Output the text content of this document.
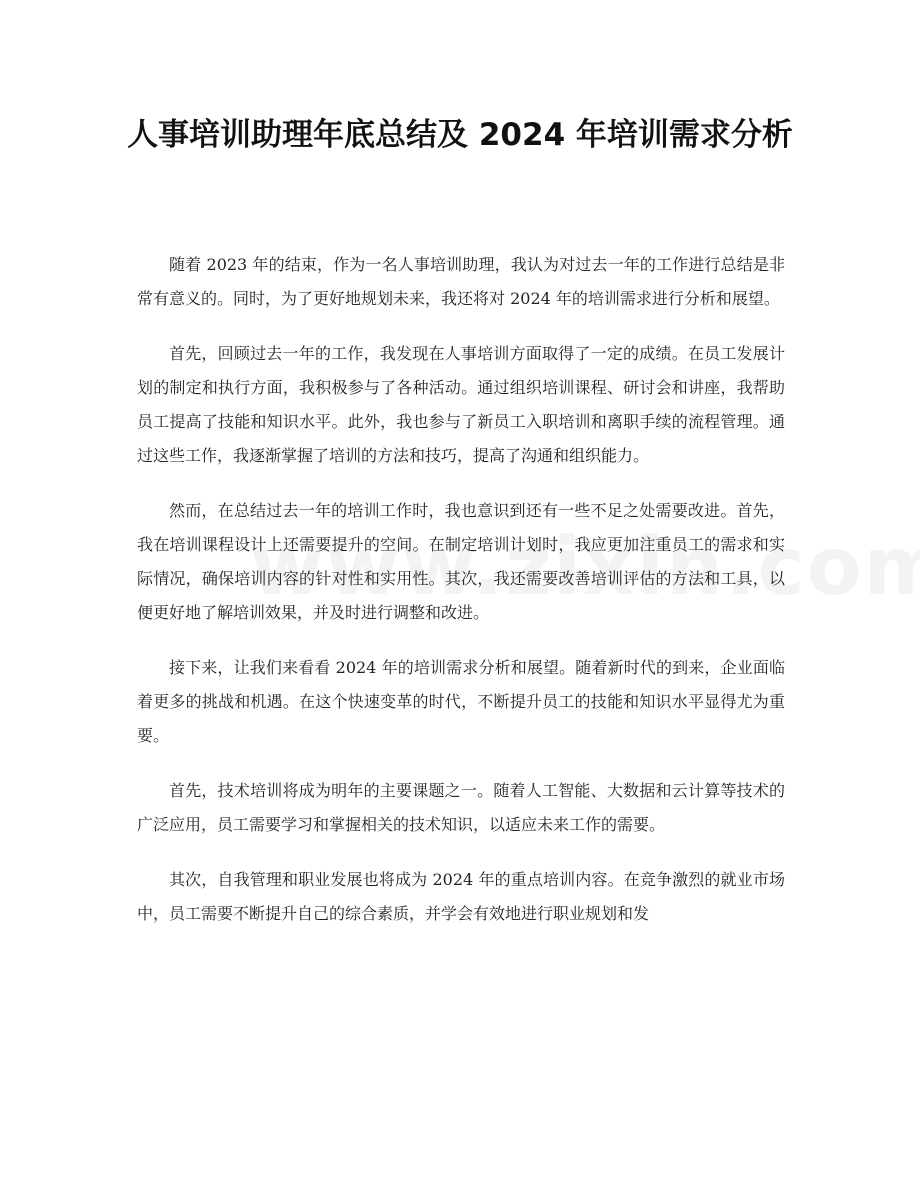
人事培训助理年底总结及 2024 年培训需求分析

随着 2023 年的结束，作为一名人事培训助理，我认为对过去一年的工作进行总结是非常有意义的。同时，为了更好地规划未来，我还将对 2024 年的培训需求进行分析和展望。

首先，回顾过去一年的工作，我发现在人事培训方面取得了一定的成绩。在员工发展计划的制定和执行方面，我积极参与了各种活动。通过组织培训课程、研讨会和讲座，我帮助员工提高了技能和知识水平。此外，我也参与了新员工入职培训和离职手续的流程管理。通过这些工作，我逐渐掌握了培训的方法和技巧，提高了沟通和组织能力。

然而，在总结过去一年的培训工作时，我也意识到还有一些不足之处需要改进。首先，我在培训课程设计上还需要提升的空间。在制定培训计划时，我应更加注重员工的需求和实际情况，确保培训内容的针对性和实用性。其次，我还需要改善培训评估的方法和工具，以便更好地了解培训效果，并及时进行调整和改进。

接下来，让我们来看看 2024 年的培训需求分析和展望。随着新时代的到来，企业面临着更多的挑战和机遇。在这个快速变革的时代，不断提升员工的技能和知识水平显得尤为重要。

首先，技术培训将成为明年的主要课题之一。随着人工智能、大数据和云计算等技术的广泛应用，员工需要学习和掌握相关的技术知识，以适应未来工作的需要。

其次，自我管理和职业发展也将成为 2024 年的重点培训内容。在竞争激烈的就业市场中，员工需要不断提升自己的综合素质，并学会有效地进行职业规划和发
